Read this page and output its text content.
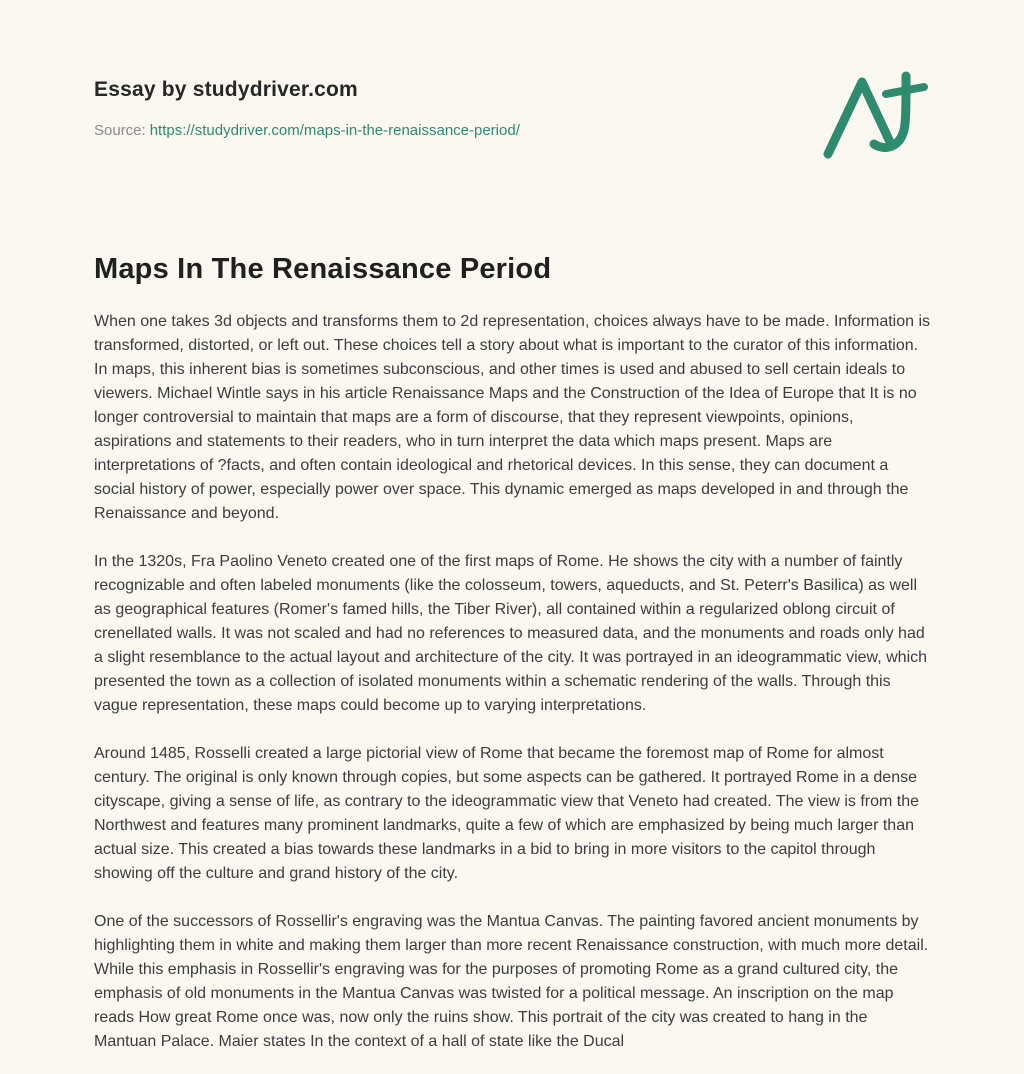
Essay by studydriver.com
Source: https://studydriver.com/maps-in-the-renaissance-period/
Maps In The Renaissance Period

When one takes 3d objects and transforms them to 2d representation, choices always have to be made. Information is transformed, distorted, or left out. These choices tell a story about what is important to the curator of this information. In maps, this inherent bias is sometimes subconscious, and other times is used and abused to sell certain ideals to viewers. Michael Wintle says in his article Renaissance Maps and the Construction of the Idea of Europe that It is no longer controversial to maintain that maps are a form of discourse, that they represent viewpoints, opinions, aspirations and statements to their readers, who in turn interpret the data which maps present. Maps are interpretations of ?facts, and often contain ideological and rhetorical devices. In this sense, they can document a social history of power, especially power over space. This dynamic emerged as maps developed in and through the Renaissance and beyond.

In the 1320s, Fra Paolino Veneto created one of the first maps of Rome. He shows the city with a number of faintly recognizable and often labeled monuments (like the colosseum, towers, aqueducts, and St. Peterr's Basilica) as well as geographical features (Romer's famed hills, the Tiber River), all contained within a regularized oblong circuit of crenellated walls. It was not scaled and had no references to measured data, and the monuments and roads only had a slight resemblance to the actual layout and architecture of the city. It was portrayed in an ideogrammatic view, which presented the town as a collection of isolated monuments within a schematic rendering of the walls. Through this vague representation, these maps could become up to varying interpretations.

Around 1485, Rosselli created a large pictorial view of Rome that became the foremost map of Rome for almost century. The original is only known through copies, but some aspects can be gathered. It portrayed Rome in a dense cityscape, giving a sense of life, as contrary to the ideogrammatic view that Veneto had created. The view is from the Northwest and features many prominent landmarks, quite a few of which are emphasized by being much larger than actual size. This created a bias towards these landmarks in a bid to bring in more visitors to the capitol through showing off the culture and grand history of the city.

One of the successors of Rossellir's engraving was the Mantua Canvas. The painting favored ancient monuments by highlighting them in white and making them larger than more recent Renaissance construction, with much more detail. While this emphasis in Rossellir's engraving was for the purposes of promoting Rome as a grand cultured city, the emphasis of old monuments in the Mantua Canvas was twisted for a political message. An inscription on the map reads How great Rome once was, now only the ruins show. This portrait of the city was created to hang in the Mantuan Palace. Maier states In the context of a hall of state like the Ducal
